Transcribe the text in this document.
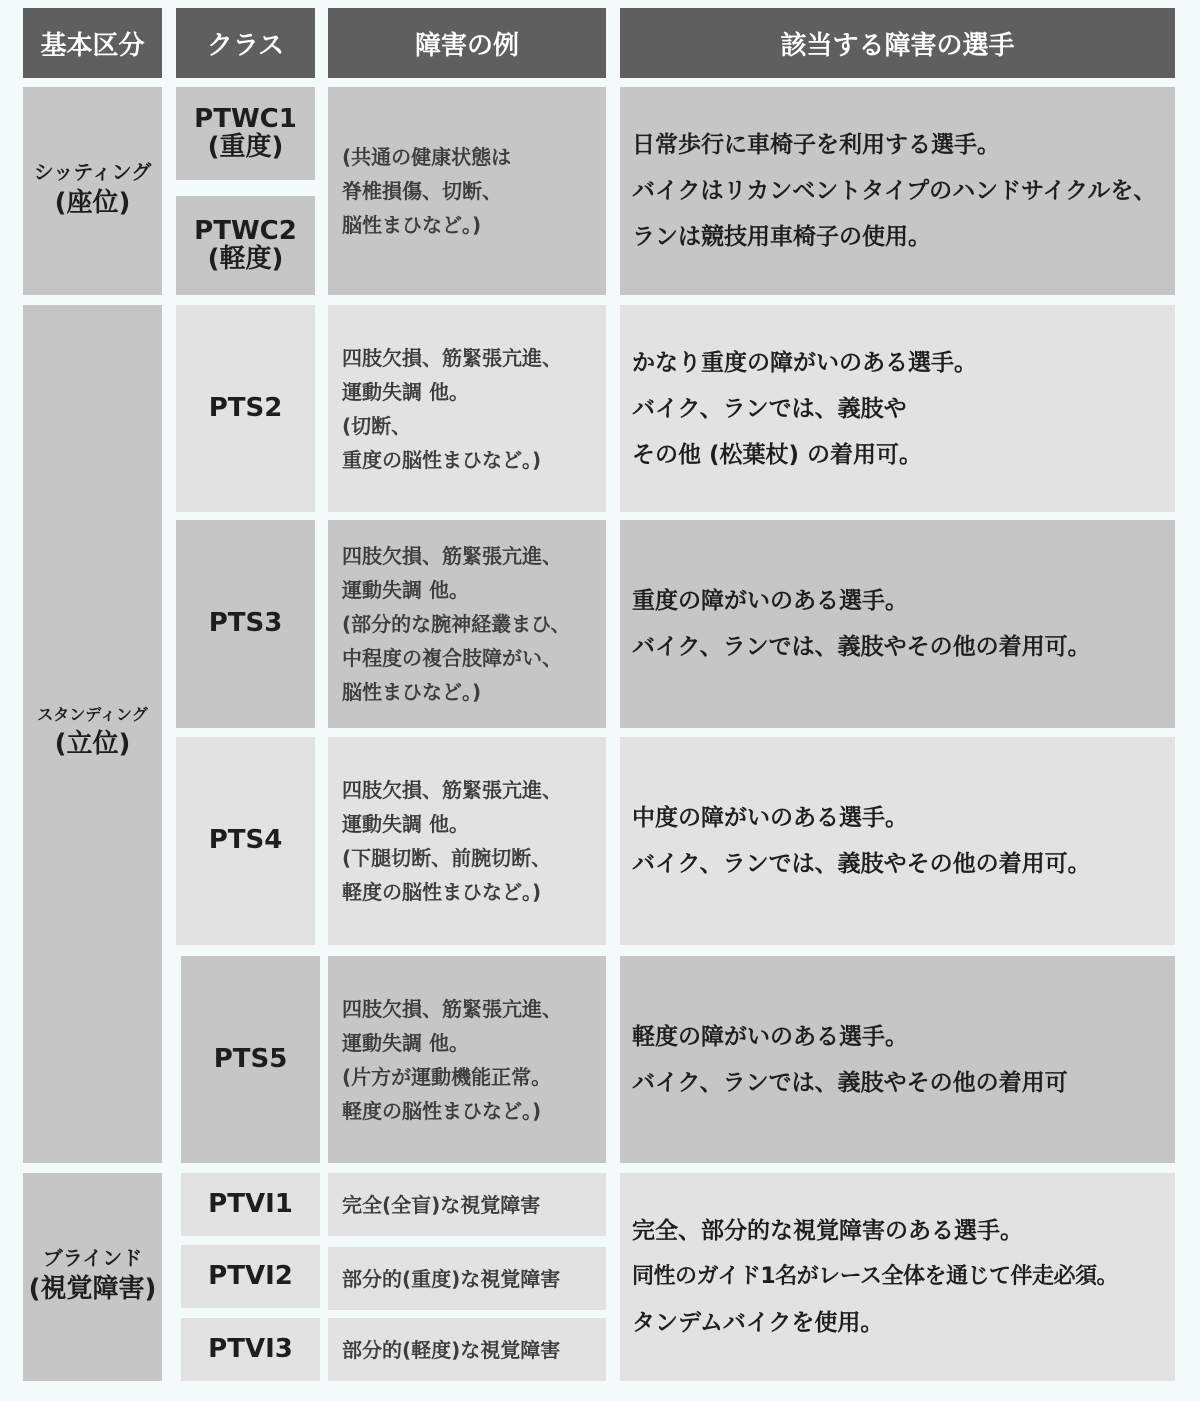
基本区分 クラス	障害の例	該当する障害の選手
シッティング
(座位)
PTWC1
(重度)
PTWC2
(軽度)
(共通の健康状態は
脊椎損傷、切断、
脳性まひなど。)
日常歩行に車椅子を利用する選手。
バイクはリカンベントタイプのハンドサイクルを、
ランは競技用車椅子の使用。
スタンディング
(立位)
PTS2
四肢欠損、筋緊張亢進、
運動失調 他。
(切断、
重度の脳性まひなど。)
かなり重度の障がいのある選手。
バイク、ランでは、義肢や
その他 (松葉杖) の着用可。
PTS3
四肢欠損、筋緊張亢進、
運動失調 他。
(部分的な腕神経叢まひ、
中程度の複合肢障がい、
脳性まひなど。)
重度の障がいのある選手。
バイク、ランでは、義肢やその他の着用可。
PTS4
四肢欠損、筋緊張亢進、
運動失調 他。
(下腿切断、前腕切断、
軽度の脳性まひなど。)
中度の障がいのある選手。
バイク、ランでは、義肢やその他の着用可。
PTS5
四肢欠損、筋緊張亢進、
運動失調 他。
(片方が運動機能正常。
軽度の脳性まひなど。)
軽度の障がいのある選手。
バイク、ランでは、義肢やその他の着用可
ブラインド
(視覚障害)
PTVI1 完全(全盲)な視覚障害
PTVI2 部分的(重度)な視覚障害
PTVI3 部分的(軽度)な視覚障害
完全、部分的な視覚障害のある選手。
同性のガイド1名がレース全体を通じて伴走必須。
タンデムバイクを使用。
